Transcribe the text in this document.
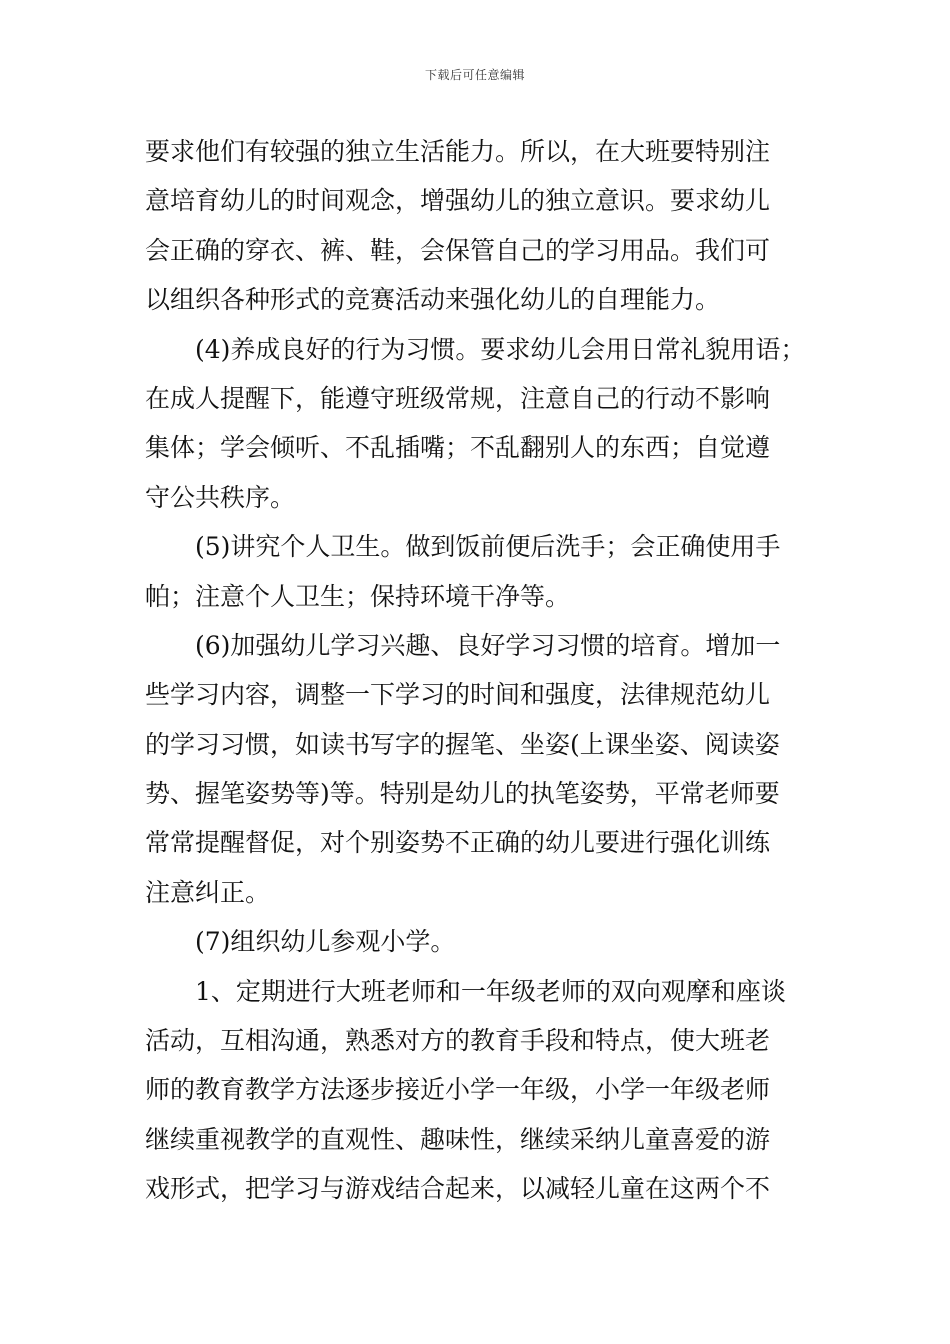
下载后可任意编辑
要求他们有较强的独立生活能力。所以，在大班要特别注
意培育幼儿的时间观念，增强幼儿的独立意识。要求幼儿
会正确的穿衣、裤、鞋，会保管自己的学习用品。我们可
以组织各种形式的竞赛活动来强化幼儿的自理能力。
(4)养成良好的行为习惯。要求幼儿会用日常礼貌用语；
在成人提醒下，能遵守班级常规，注意自己的行动不影响
集体；学会倾听、不乱插嘴；不乱翻别人的东西；自觉遵
守公共秩序。
(5)讲究个人卫生。做到饭前便后洗手；会正确使用手
帕；注意个人卫生；保持环境干净等。
(6)加强幼儿学习兴趣、良好学习习惯的培育。增加一
些学习内容，调整一下学习的时间和强度，法律规范幼儿
的学习习惯，如读书写字的握笔、坐姿(上课坐姿、阅读姿
势、握笔姿势等)等。特别是幼儿的执笔姿势，平常老师要
常常提醒督促，对个别姿势不正确的幼儿要进行强化训练
注意纠正。
(7)组织幼儿参观小学。
1、定期进行大班老师和一年级老师的双向观摩和座谈
活动，互相沟通，熟悉对方的教育手段和特点，使大班老
师的教育教学方法逐步接近小学一年级，小学一年级老师
继续重视教学的直观性、趣味性，继续采纳儿童喜爱的游
戏形式，把学习与游戏结合起来，以减轻儿童在这两个不
